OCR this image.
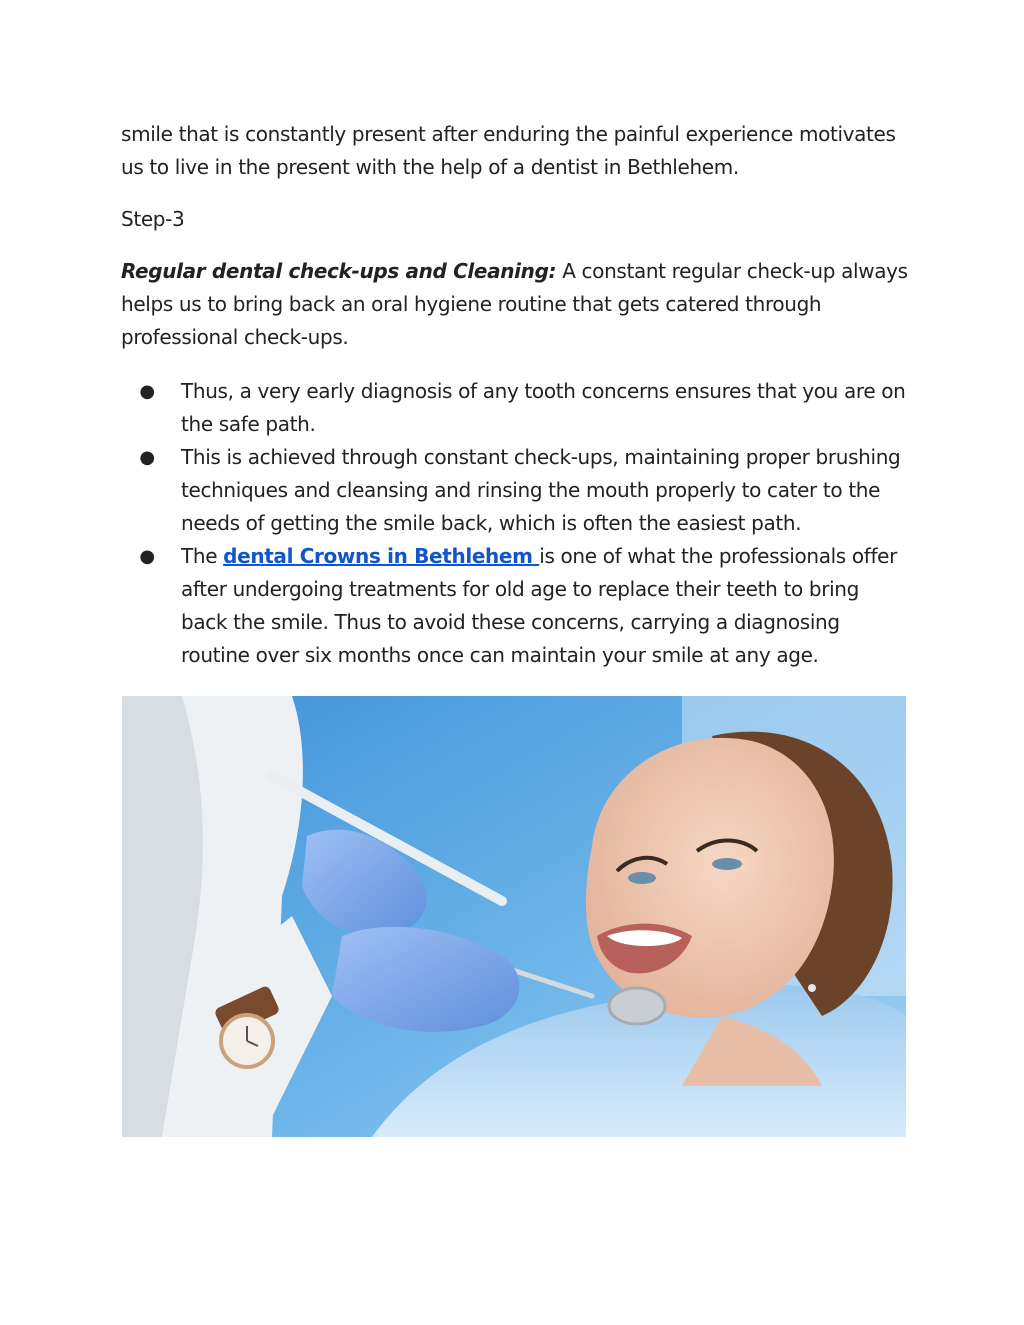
smile that is constantly present after enduring the painful experience motivates us to live in the present with the help of a dentist in Bethlehem.

Step-3

Regular dental check-ups and Cleaning: A constant regular check-up always helps us to bring back an oral hygiene routine that gets catered through professional check-ups.

● Thus, a very early diagnosis of any tooth concerns ensures that you are on the safe path.
● This is achieved through constant check-ups, maintaining proper brushing techniques and cleansing and rinsing the mouth properly to cater to the needs of getting the smile back, which is often the easiest path.
● The dental Crowns in Bethlehem is one of what the professionals offer after undergoing treatments for old age to replace their teeth to bring back the smile. Thus to avoid these concerns, carrying a diagnosing routine over six months once can maintain your smile at any age.
